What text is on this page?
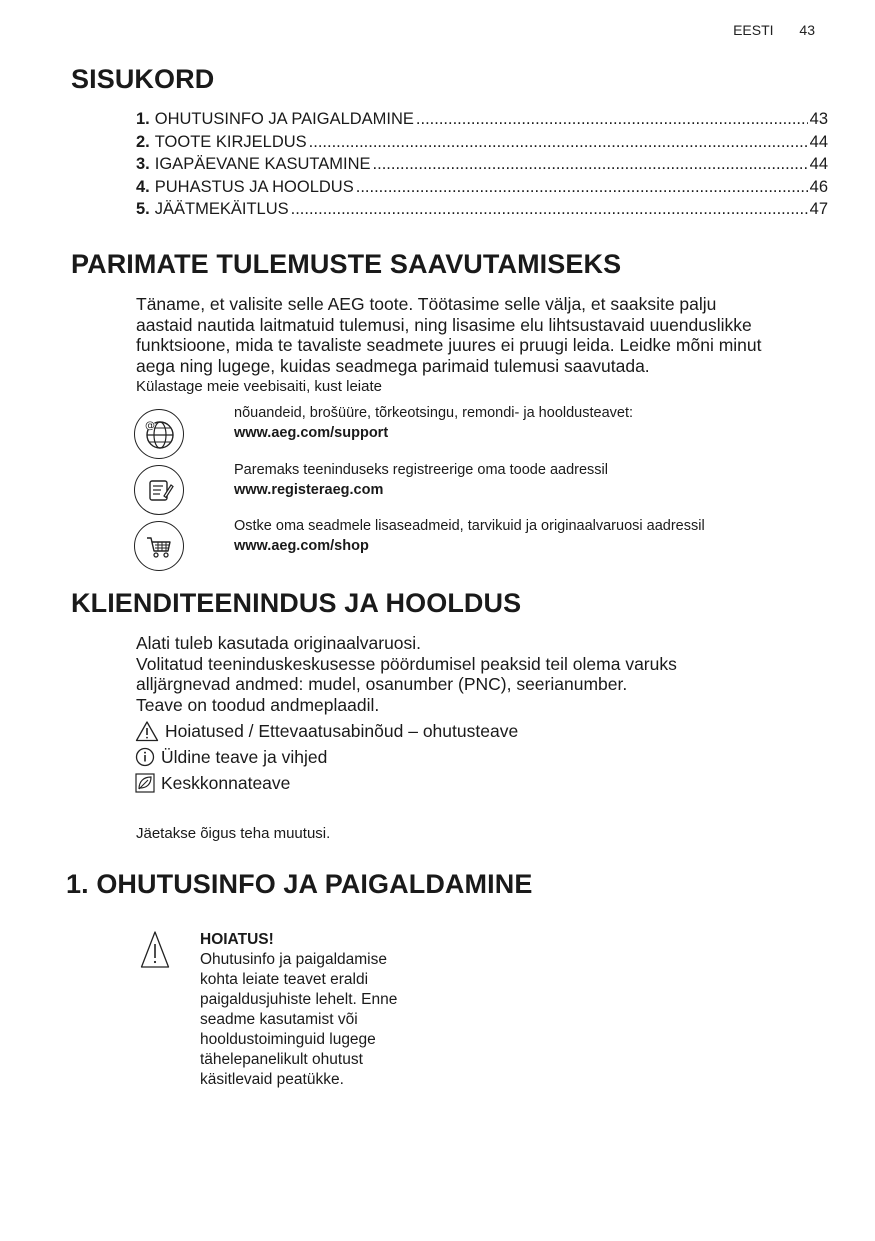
EESTI 43
SISUKORD
1. OHUTUSINFO JA PAIGALDAMINE .....	43
2. TOOTE KIRJELDUS .....	44
3. IGAPÄEVANE KASUTAMINE .....	44
4. PUHASTUS JA HOOLDUS .....	46
5. JÄÄTMEKÄITLUS .....	47
PARIMATE TULEMUSTE SAAVUTAMISEKS
Täname, et valisite selle AEG toote. Töötasime selle välja, et saaksite palju
aastaid nautida laitmatuid tulemusi, ning lisasime elu lihtsustavaid uuenduslikke
funktsioone, mida te tavaliste seadmete juures ei pruugi leida. Leidke mõni minut
aega ning lugege, kuidas seadmega parimaid tulemusi saavutada.
Külastage meie veebisaiti, kust leiate
@
nõuandeid, brošüüre, tõrkeotsingu, remondi- ja hooldusteavet:
www.aeg.com/support
Paremaks teeninduseks registreerige oma toode aadressil
www.registeraeg.com
Ostke oma seadmele lisaseadmeid, tarvikuid ja originaalvaruosi aadressil
www.aeg.com/shop
KLIENDITEENINDUS JA HOOLDUS
Alati tuleb kasutada originaalvaruosi.
Volitatud teeninduskeskusesse pöördumisel peaksid teil olema varuks
alljärgnevad andmed: mudel, osanumber (PNC), seerianumber.
Teave on toodud andmeplaadil.
Hoiatused / Ettevaatusabinõud – ohutusteave
Üldine teave ja vihjed
Keskkonnateave
Jäetakse õigus teha muutusi.
1. OHUTUSINFO JA PAIGALDAMINE
HOIATUS!
Ohutusinfo ja paigaldamise
kohta leiate teavet eraldi
paigaldusjuhiste lehelt. Enne
seadme kasutamist või
hooldustoiminguid lugege
tähelepanelikult ohutust
käsitlevaid peatükke.
